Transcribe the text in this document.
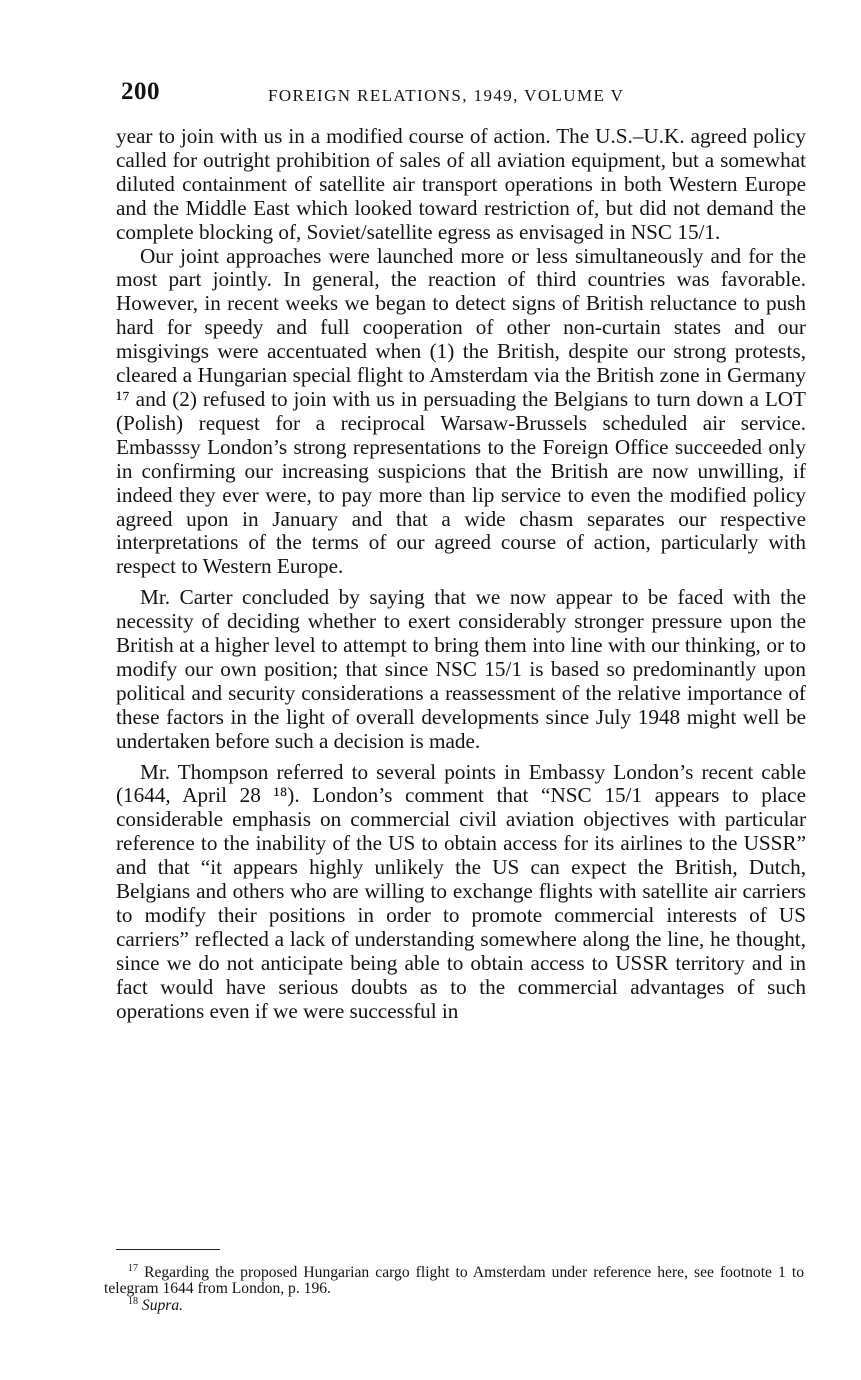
200	FOREIGN RELATIONS, 1949, VOLUME V

year to join with us in a modified course of action. The U.S.–U.K. agreed policy called for outright prohibition of sales of all aviation equipment, but a somewhat diluted containment of satellite air transport operations in both Western Europe and the Middle East which looked toward restriction of, but did not demand the complete blocking of, Soviet/satellite egress as envisaged in NSC 15/1.

Our joint approaches were launched more or less simultaneously and for the most part jointly. In general, the reaction of third countries was favorable. However, in recent weeks we began to detect signs of British reluctance to push hard for speedy and full cooperation of other non-curtain states and our misgivings were accentuated when (1) the British, despite our strong protests, cleared a Hungarian special flight to Amsterdam via the British zone in Germany ¹⁷ and (2) refused to join with us in persuading the Belgians to turn down a LOT (Polish) request for a reciprocal Warsaw-Brussels scheduled air service. Embasssy London’s strong representations to the Foreign Office succeeded only in confirming our increasing suspicions that the British are now unwilling, if indeed they ever were, to pay more than lip service to even the modified policy agreed upon in January and that a wide chasm separates our respective interpretations of the terms of our agreed course of action, particularly with respect to Western Europe.

Mr. Carter concluded by saying that we now appear to be faced with the necessity of deciding whether to exert considerably stronger pressure upon the British at a higher level to attempt to bring them into line with our thinking, or to modify our own position; that since NSC 15/1 is based so predominantly upon political and security considerations a reassessment of the relative importance of these factors in the light of overall developments since July 1948 might well be undertaken before such a decision is made.

Mr. Thompson referred to several points in Embassy London’s recent cable (1644, April 28 ¹⁸). London’s comment that “NSC 15/1 appears to place considerable emphasis on commercial civil aviation objectives with particular reference to the inability of the US to obtain access for its airlines to the USSR” and that “it appears highly unlikely the US can expect the British, Dutch, Belgians and others who are willing to exchange flights with satellite air carriers to modify their positions in order to promote commercial interests of US carriers” reflected a lack of understanding somewhere along the line, he thought, since we do not anticipate being able to obtain access to USSR territory and in fact would have serious doubts as to the commercial advantages of such operations even if we were successful in

$^{17}$ Regarding the proposed Hungarian cargo flight to Amsterdam under reference here, see footnote 1 to telegram 1644 from London, p. 196.

$^{18}$ Supra.
